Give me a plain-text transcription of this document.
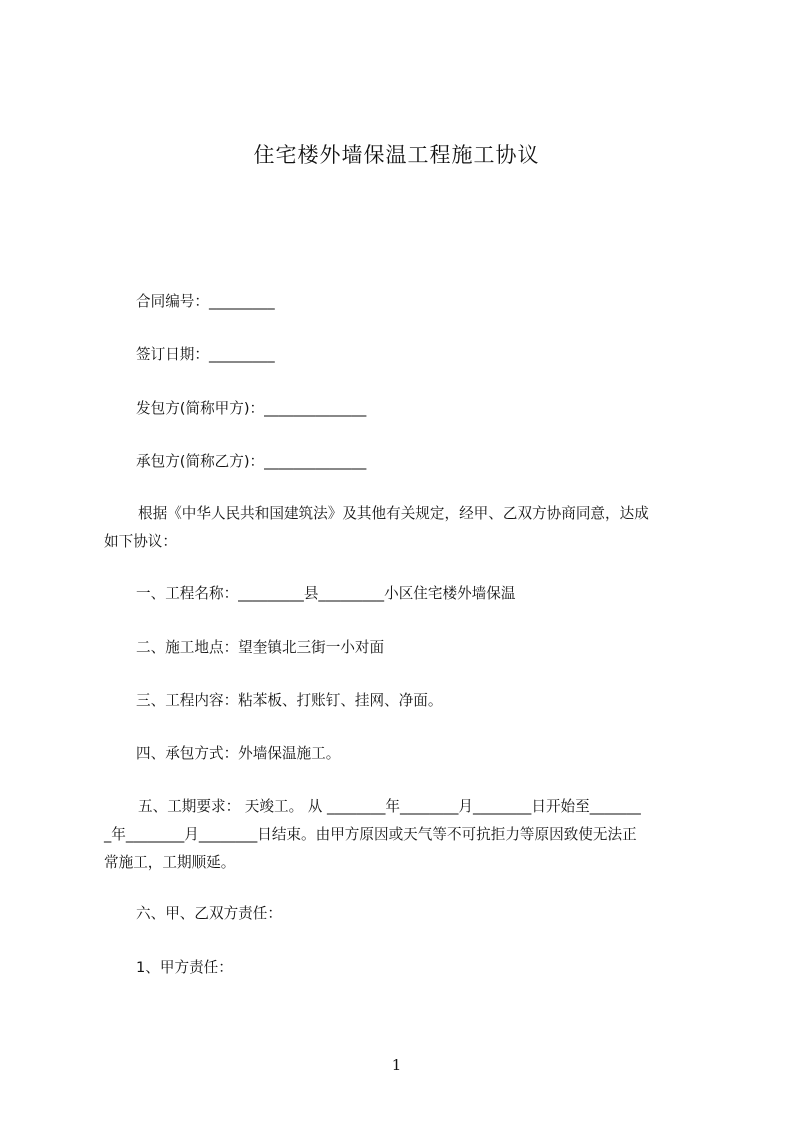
住宅楼外墙保温工程施工协议
合同编号：_________
签订日期：_________
发包方(简称甲方)：______________
承包方(简称乙方)：______________
根据《中华人民共和国建筑法》及其他有关规定，经甲、乙双方协商同意，达成
如下协议：
一、工程名称：_________县_________小区住宅楼外墙保温
二、施工地点：望奎镇北三街一小对面
三、工程内容：粘苯板、打账钉、挂网、净面。
四、承包方式：外墙保温施工。
五、工期要求： 天竣工。 从 ________年________月________日开始至_______
_年________月________日结束。由甲方原因或天气等不可抗拒力等原因致使无法正
常施工，工期顺延。
六、甲、乙双方责任：
1、甲方责任：
1
